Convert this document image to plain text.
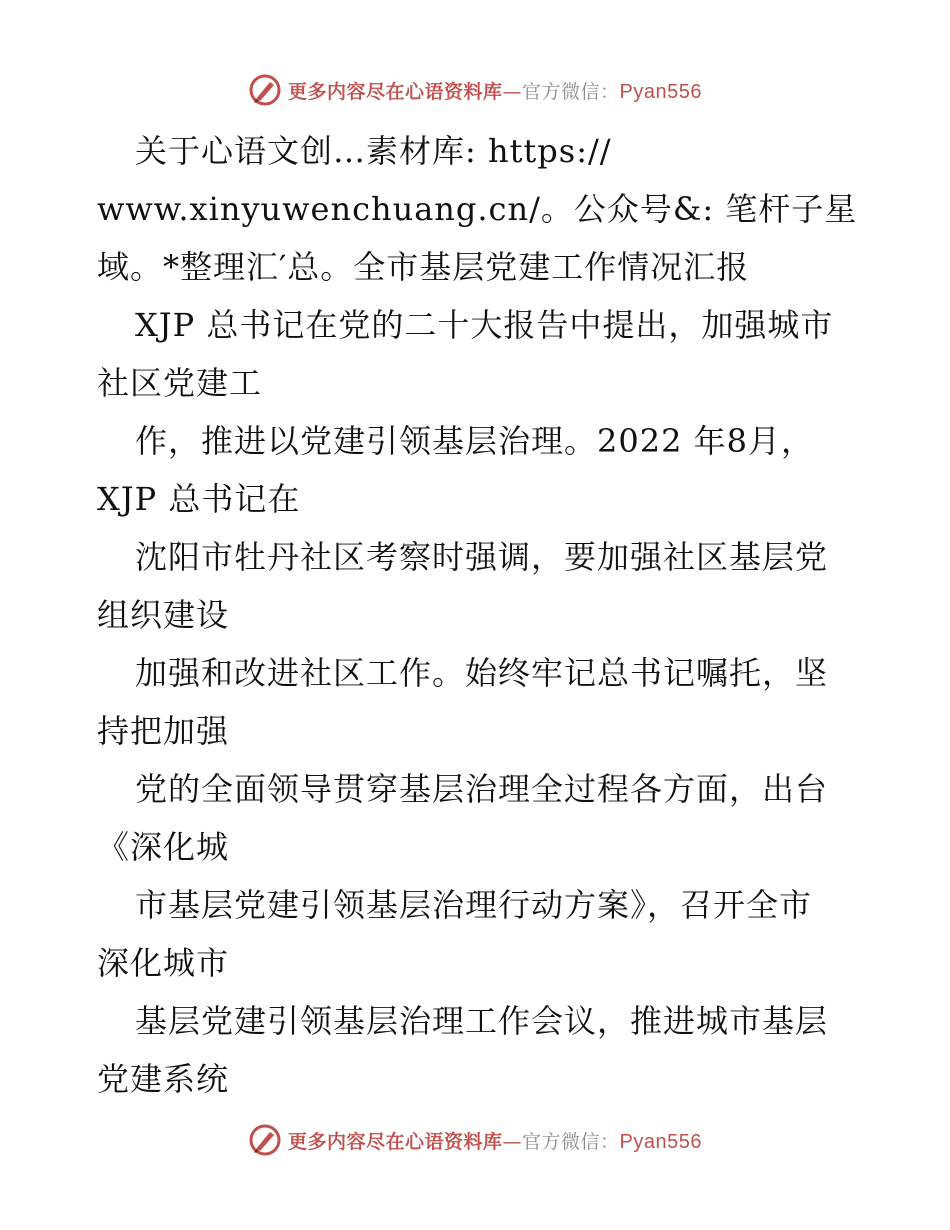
更多内容尽在心语资料库—官方微信：Pyan556
关于心语文创…素材库: https://
www.xinyuwenchuang.cn/。公众号&: 笔杆子星
域。*整理汇′总。全市基层党建工作情况汇报
XJP 总书记在党的二十大报告中提出，加强城市
社区党建工
作，推进以党建引领基层治理。2022 年8月，
XJP 总书记在
沈阳市牡丹社区考察时强调，要加强社区基层党
组织建设
加强和改进社区工作。始终牢记总书记嘱托，坚
持把加强
党的全面领导贯穿基层治理全过程各方面，出台
《深化城
市基层党建引领基层治理行动方案》，召开全市
深化城市
基层党建引领基层治理工作会议，推进城市基层
党建系统
更多内容尽在心语资料库—官方微信：Pyan556
